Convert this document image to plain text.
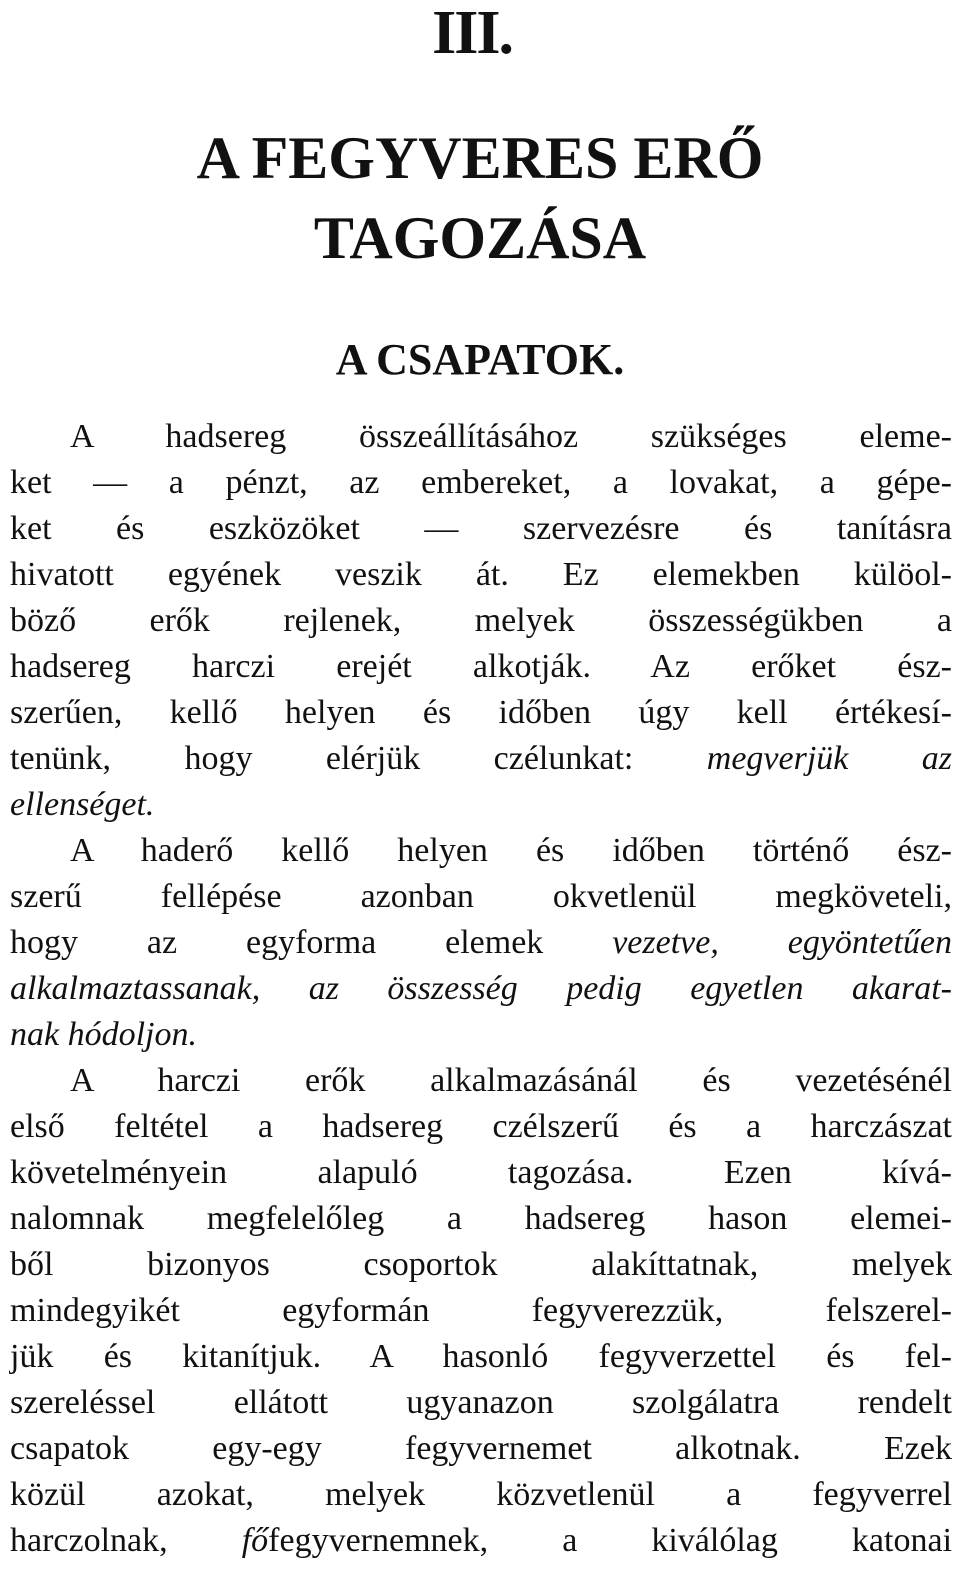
III.
A FEGYVERES ERŐ
TAGOZÁSA
A CSAPATOK.
A hadsereg összeállításához szükséges eleme-
ket — a pénzt, az embereket, a lovakat, a gépe-
ket és eszközöket — szervezésre és tanításra
hivatott egyének veszik át. Ez elemekben külöol-
böző erők rejlenek, melyek összességükben a
hadsereg harczi erejét alkotják. Az erőket ész-
szerűen, kellő helyen és időben úgy kell értékesí-
tenünk, hogy elérjük czélunkat: megverjük az
ellenséget.
A haderő kellő helyen és időben történő ész-
szerű fellépése azonban okvetlenül megköveteli,
hogy az egyforma elemek vezetve, egyöntetűen
alkalmaztassanak, az összesség pedig egyetlen akarat-
nak hódoljon.
A harczi erők alkalmazásánál és vezetésénél
első feltétel a hadsereg czélszerű és a harczászat
követelményein alapuló tagozása. Ezen kívá-
nalomnak megfelelőleg a hadsereg hason elemei-
ből bizonyos csoportok alakíttatnak, melyek
mindegyikét egyformán fegyverezzük, felszerel-
jük és kitanítjuk. A hasonló fegyverzettel és fel-
szereléssel ellátott ugyanazon szolgálatra rendelt
csapatok egy-egy fegyvernemet alkotnak. Ezek
közül azokat, melyek közvetlenül a fegyverrel
harczolnak, főfegyvernemnek, a kiválólag katonai
